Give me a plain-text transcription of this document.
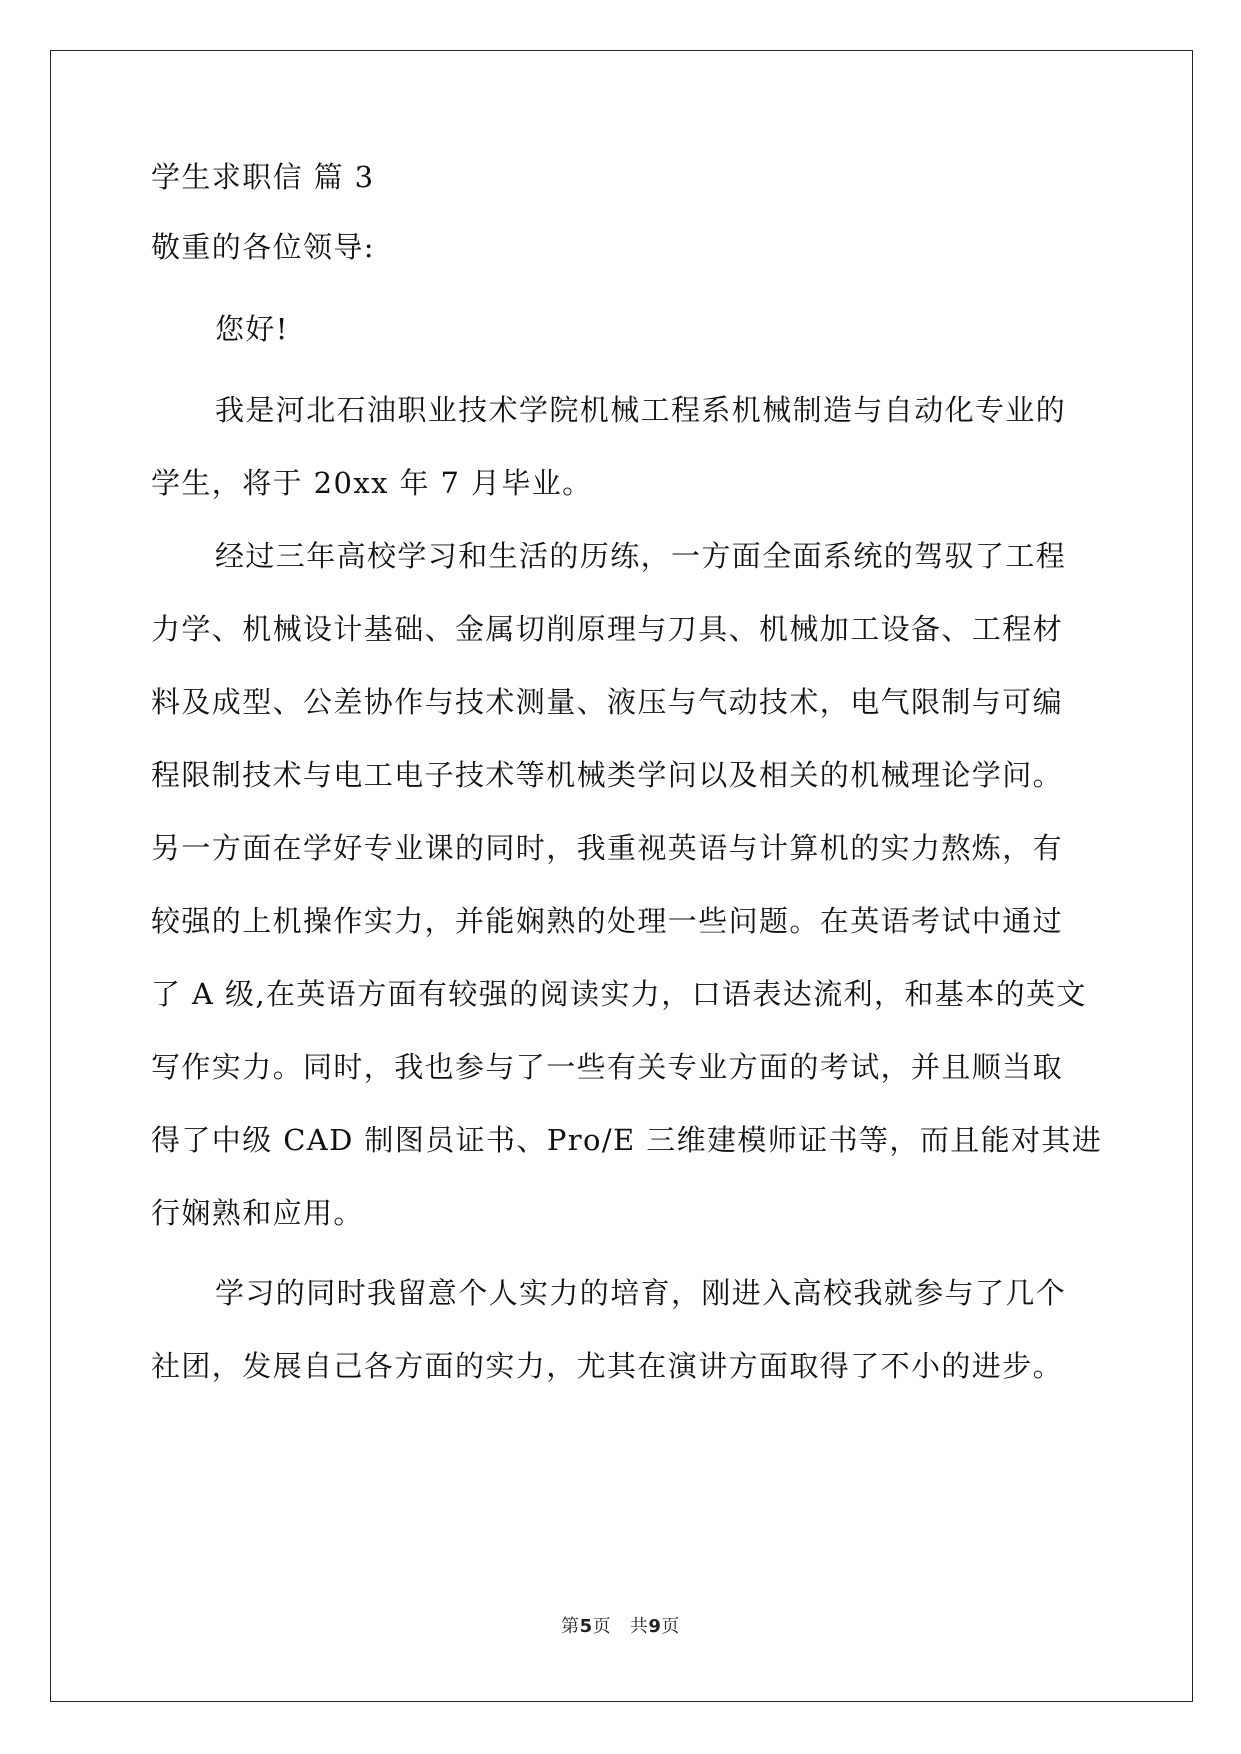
学生求职信 篇 3

敬重的各位领导:

您好!

我是河北石油职业技术学院机械工程系机械制造与自动化专业的

学生，将于 20xx 年 7 月毕业。

经过三年高校学习和生活的历练，一方面全面系统的驾驭了工程

力学、机械设计基础、金属切削原理与刀具、机械加工设备、工程材

料及成型、公差协作与技术测量、液压与气动技术，电气限制与可编

程限制技术与电工电子技术等机械类学问以及相关的机械理论学问。

另一方面在学好专业课的同时，我重视英语与计算机的实力熬炼，有

较强的上机操作实力，并能娴熟的处理一些问题。在英语考试中通过

了 A 级,在英语方面有较强的阅读实力，口语表达流利，和基本的英文

写作实力。同时，我也参与了一些有关专业方面的考试，并且顺当取

得了中级 CAD 制图员证书、Pro/E 三维建模师证书等，而且能对其进

行娴熟和应用。

学习的同时我留意个人实力的培育，刚进入高校我就参与了几个

社团，发展自己各方面的实力，尤其在演讲方面取得了不小的进步。

第5页 共9页
